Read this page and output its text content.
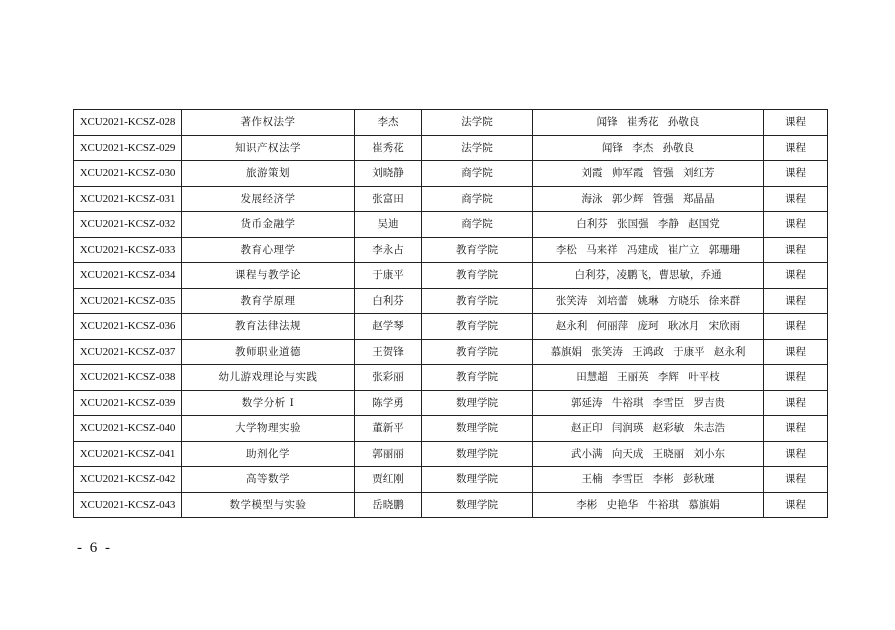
XCU2021-KCSZ-028	著作权法学	李杰	法学院	闻锋 崔秀花 孙敬良	课程
XCU2021-KCSZ-029	知识产权法学	崔秀花	法学院	闻锋 李杰 孙敬良	课程
XCU2021-KCSZ-030	旅游策划	刘晓静	商学院	刘霞 帅军霞 管强 刘红芳	课程
XCU2021-KCSZ-031	发展经济学	张富田	商学院	海泳 郭少辉 管强 郑晶晶	课程
XCU2021-KCSZ-032	货币金融学	吴迪	商学院	白利芬 张国强 李静 赵国党	课程
XCU2021-KCSZ-033	教育心理学	李永占	教育学院	李松 马来祥 冯建成 崔广立 郭珊珊	课程
XCU2021-KCSZ-034	课程与教学论	于康平	教育学院	白利芬，凌鹏飞，曹思敏，乔通	课程
XCU2021-KCSZ-035	教育学原理	白利芬	教育学院	张笑涛 刘培蕾 姚琳 方晓乐 徐来群	课程
XCU2021-KCSZ-036	教育法律法规	赵学琴	教育学院	赵永利 何丽萍 庞珂 耿冰月 宋欣雨	课程
XCU2021-KCSZ-037	教师职业道德	王贺锋	教育学院	慕旗娟 张笑涛 王鸿政 于康平 赵永利	课程
XCU2021-KCSZ-038	幼儿游戏理论与实践	张彩丽	教育学院	田慧超 王丽英 李辉 叶平枝	课程
XCU2021-KCSZ-039	数学分析 I	陈学勇	数理学院	郭延涛 牛裕琪 李雪臣 罗吉贵	课程
XCU2021-KCSZ-040	大学物理实验	董新平	数理学院	赵正印 闫润瑛 赵彩敏 朱志浩	课程
XCU2021-KCSZ-041	助剂化学	郭丽丽	数理学院	武小满 向天成 王晓丽 刘小东	课程
XCU2021-KCSZ-042	高等数学	贾红刚	数理学院	王楠 李雪臣 李彬 彭秋瑾	课程
XCU2021-KCSZ-043	数学模型与实验	岳晓鹏	数理学院	李彬 史艳华 牛裕琪 慕旗娟	课程
- 6 -
